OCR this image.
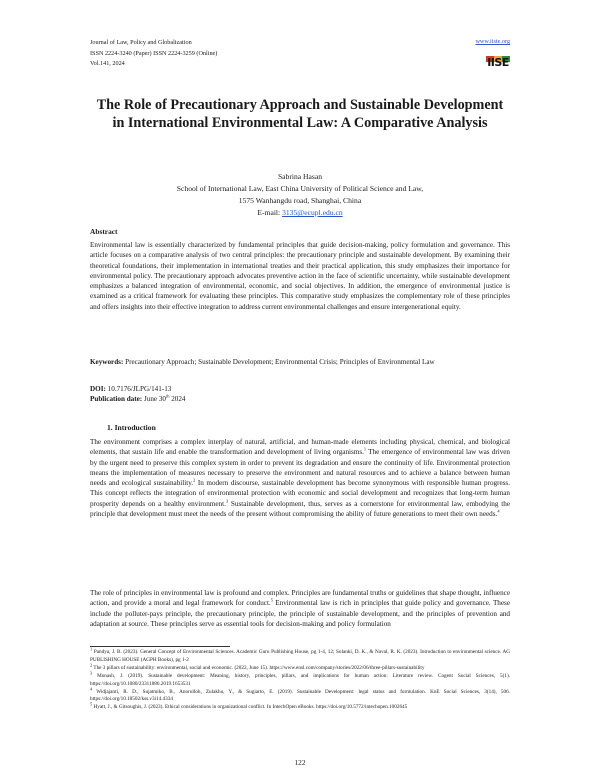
Journal of Law, Policy and Globalization
ISSN 2224-3240 (Paper) ISSN 2224-3259 (Online)
Vol.141, 2024
www.iiste.org
IISE
The Role of Precautionary Approach and Sustainable Development in International Environmental Law: A Comparative Analysis
Sabrina Hasan
School of International Law, East China University of Political Science and Law,
1575 Wanhangdu road, Shanghai, China
E-mail: 3135@ecupl.edu.cn
Abstract
Environmental law is essentially characterized by fundamental principles that guide decision-making, policy formulation and governance. This article focuses on a comparative analysis of two central principles: the precautionary principle and sustainable development. By examining their theoretical foundations, their implementation in international treaties and their practical application, this study emphasizes their importance for environmental policy. The precautionary approach advocates preventive action in the face of scientific uncertainty, while sustainable development emphasizes a balanced integration of environmental, economic, and social objectives. In addition, the emergence of environmental justice is examined as a critical framework for evaluating these principles. This comparative study emphasizes the complementary role of these principles and offers insights into their effective integration to address current environmental challenges and ensure intergenerational equity.
Keywords: Precautionary Approach; Sustainable Development; Environmental Crisis; Principles of Environmental Law
DOI: 10.7176/JLPG/141-13
Publication date: June 30th 2024
1. Introduction
The environment comprises a complex interplay of natural, artificial, and human-made elements including physical, chemical, and biological elements, that sustain life and enable the transformation and development of living organisms.$^1$ The emergence of environmental law was driven by the urgent need to preserve this complex system in order to prevent its degradation and ensure the continuity of life. Environmental protection means the implementation of measures necessary to preserve the environment and natural resources and to achieve a balance between human needs and ecological sustainability.$^2$ In modern discourse, sustainable development has become synonymous with responsible human progress. This concept reflects the integration of environmental protection with economic and social development and recognizes that long-term human prosperity depends on a healthy environment.$^3$ Sustainable development, thus, serves as a cornerstone for environmental law, embodying the principle that development must meet the needs of the present without compromising the ability of future generations to meet their own needs.$^4$
The role of principles in environmental law is profound and complex. Principles are fundamental truths or guidelines that shape thought, influence action, and provide a moral and legal framework for conduct.$^5$ Environmental law is rich in principles that guide policy and governance. These include the polluter-pays principle, the precautionary principle, the principle of sustainable development, and the principles of prevention and adaptation at source. These principles serve as essential tools for decision-making and policy formulation

$^1$ Pandya, J. B. (2023). General Concept of Environmental Sciences. Academic Guru Publishing House, pg 1-4, 12; Solanki, D. K., & Naval, R. K. (2023). Introduction to environmental science. AG PUBLISHING HOUSE (AGPH Books), pg 1-2

$^2$ The 3 pillars of sustainability: environmental, social and economic. (2022, June 15). https://www.ensl.com/company/stories/2022/06/three-pillars-sustainability

$^3$ Monash, J. (2019). Sustainable development: Meaning, history, principles, pillars, and implications for human action: Literature review. Cogent Social Sciences, 5(1). https://doi.org/10.1080/23311886.2019.1653531

$^4$ Widjajanti, R. D., Sujatmiko, B., Anorulloh, Zulakhu, Y., & Sugiarto, E. (2019). Sustainable Development: legal status and formulation. KnE Social Sciences, 3(14), 506. https://doi.org/10.18502/kss.v3i14.4334

$^5$ Hyatt, J., & Gitsoughis, J. (2023). Ethical considerations in organizational conflict. In IntechOpen eBooks. https://doi.org/10.5772/intechopen.1002645

122
